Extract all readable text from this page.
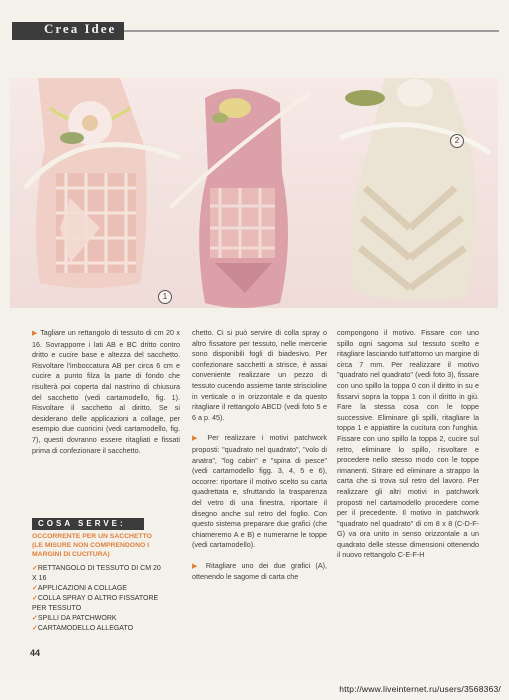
Crea Idee
1
2

▶ Tagliare un rettangolo di tessuto di cm 20 x 16. Sovrapporre i lati AB e BC dritto contro dritto e cucire base e altezza del sacchetto. Risvoltare l'imboccatura AB per circa 6 cm e cucire a punto filza la parte di fondo che risulterà poi coperta dal nastrino di chiusura del sacchetto (vedi cartamodello, fig. 1). Risvoltare il sacchetto al diritto. Se si desiderano delle applicazioni a collage, per esempio due cuoricini (vedi cartamodello, fig. 7), questi dovranno essere ritagliati e fissati prima di confezionare il sacchetto.

chetto. Ci si può servire di colla spray o altro fissatore per tessuto, nelle mercerie sono disponibili fogli di biadesivo. Per confezionare sacchetti a strisce, è assai conveniente realizzare un pezzo di tessuto cucendo assieme tante striscioline in verticale o in orizzontale e da questo ritagliare il rettangolo ABCD (vedi foto 5 e 6 a p. 45).

▶ Per realizzare i motivi patchwork proposti: "quadrato nel quadrato", "volo di anatra", "log cabin" e "spina di pesce" (vedi cartamodello figg. 3, 4, 5 e 6), occorre: riportare il motivo scelto su carta quadrettata e, sfruttando la trasparenza del vetro di una finestra, riportare il disegno anche sul retro del foglio. Con questo sistema preparare due grafici (che chiameremo A e B) e numerarne le toppe (vedi cartamodello).

▶ Ritagliare uno dei due grafici (A), ottenendo le sagome di carta che

compongono il motivo. Fissare con uno spillo ogni sagoma sul tessuto scelto e ritagliare lasciando tutt'attorno un margine di circa 7 mm. Per realizzare il motivo "quadrato nel quadrato" (vedi foto 3), fissare con uno spillo la toppa 0 con il diritto in su e fissarvi sopra la toppa 1 con il diritto in giù. Fare la stessa cosa con le toppe successive. Eliminare gli spilli, ritagliare la toppa 1 e appiattire la cucitura con l'unghia. Fissare con uno spillo la toppa 2, cucire sul retro, eliminare lo spillo, risvoltare e procedere nello stesso modo con le toppe rimanenti. Stirare ed eliminare a strappo la carta che si trova sul retro del lavoro. Per realizzare gli altri motivi in patchwork proposti nel cartamodello procedere come per il precedente. Il motivo in patchwork "quadrato nel quadrato" di cm 8 x 8 (C-D-F-G) va ora unito in senso orizzontale a un quadrato delle stesse dimensioni ottenendo il nuovo rettangolo C-E-F-H

COSA SERVE:
OCCORRENTE PER UN SACCHETTO (LE MISURE NON COMPRENDONO I MARGINI DI CUCITURA)
✓RETTANGOLO DI TESSUTO DI CM 20 X 16
✓APPLICAZIONI A COLLAGE
✓COLLA SPRAY O ALTRO FISSATORE PER TESSUTO
✓SPILLI DA PATCHWORK
✓CARTAMODELLO ALLEGATO
44
http://www.liveinternet.ru/users/3568363/
